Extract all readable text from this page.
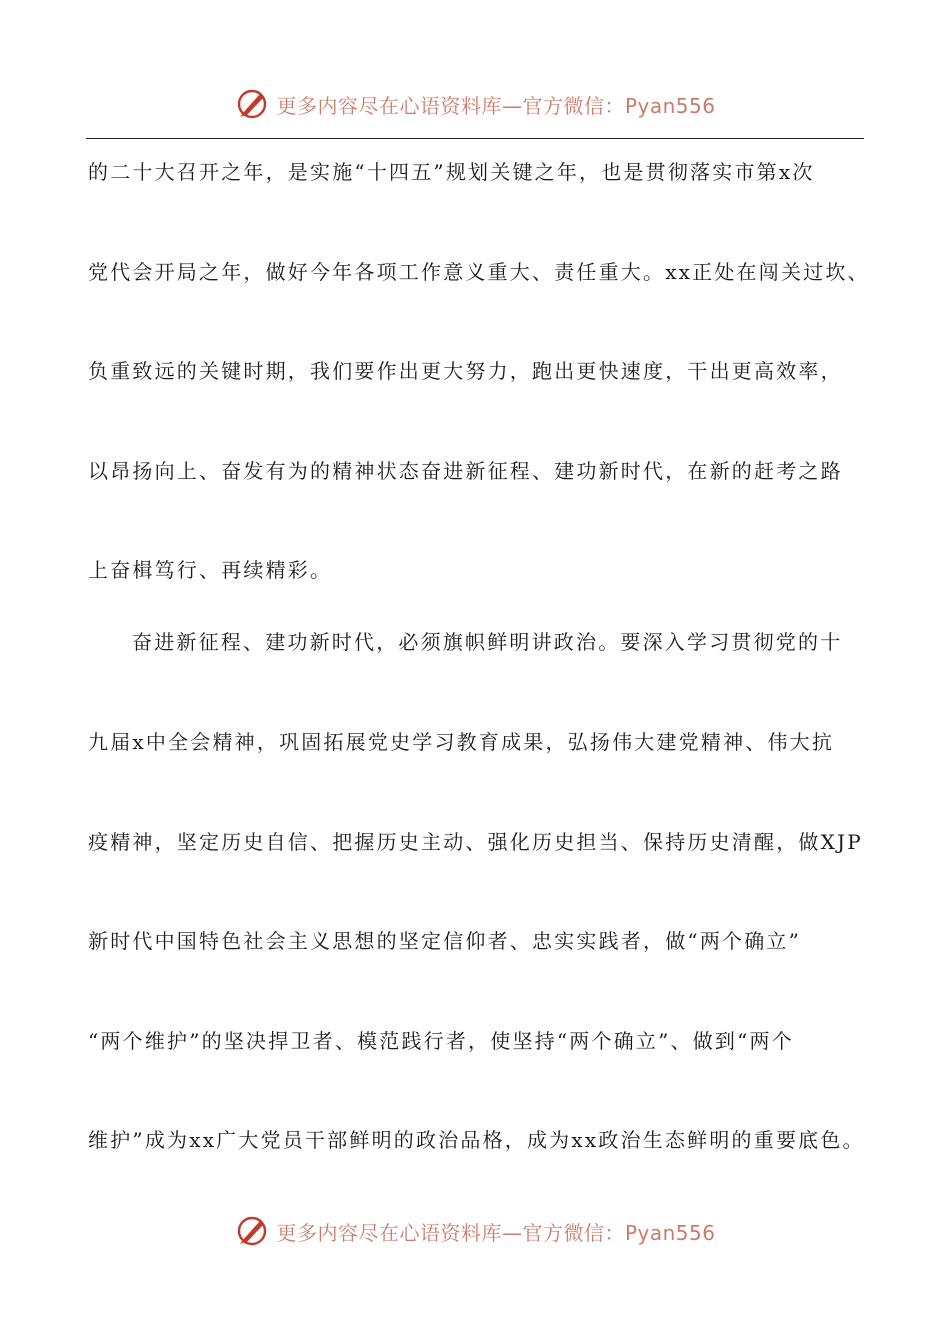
更多内容尽在心语资料库—官方微信：Pyan556
的二十大召开之年，是实施“十四五”规划关键之年，也是贯彻落实市第x次
党代会开局之年，做好今年各项工作意义重大、责任重大。xx正处在闯关过坎、
负重致远的关键时期，我们要作出更大努力，跑出更快速度，干出更高效率，
以昂扬向上、奋发有为的精神状态奋进新征程、建功新时代，在新的赶考之路
上奋楫笃行、再续精彩。
奋进新征程、建功新时代，必须旗帜鲜明讲政治。要深入学习贯彻党的十
九届x中全会精神，巩固拓展党史学习教育成果，弘扬伟大建党精神、伟大抗
疫精神，坚定历史自信、把握历史主动、强化历史担当、保持历史清醒，做XJP
新时代中国特色社会主义思想的坚定信仰者、忠实实践者，做“两个确立”
“两个维护”的坚决捍卫者、模范践行者，使坚持“两个确立”、做到“两个
维护”成为xx广大党员干部鲜明的政治品格，成为xx政治生态鲜明的重要底色。
更多内容尽在心语资料库—官方微信：Pyan556
